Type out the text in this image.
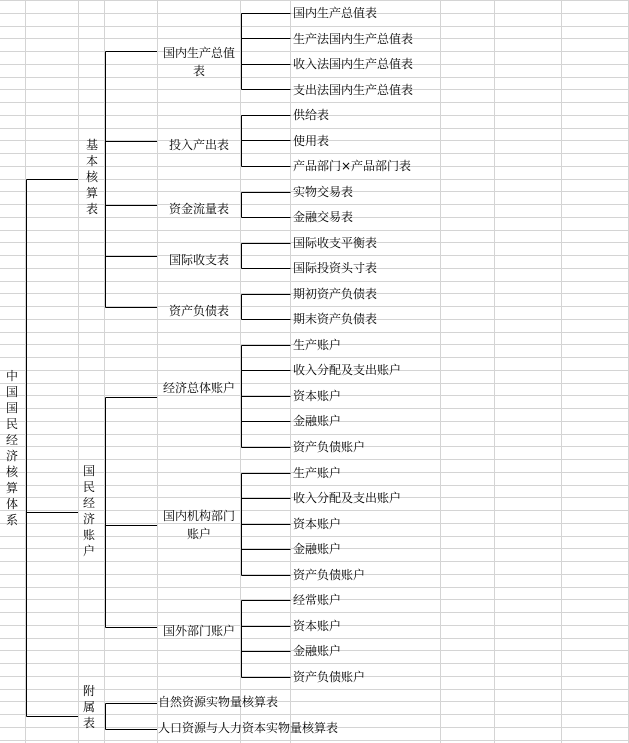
中国国民经济核算体系
基本核算表
国民经济账户
附属表
国内生产总值表
投入产出表
资金流量表
国际收支表
资产负债表
经济总体账户
国内机构部门账户
国外部门账户
国内生产总值表
生产法国内生产总值表
收入法国内生产总值表
支出法国内生产总值表
供给表
使用表
产品部门×产品部门表
实物交易表
金融交易表
国际收支平衡表
国际投资头寸表
期初资产负债表
期末资产负债表
生产账户
收入分配及支出账户
资本账户
金融账户
资产负债账户
生产账户
收入分配及支出账户
资本账户
金融账户
资产负债账户
经常账户
资本账户
金融账户
资产负债账户
自然资源实物量核算表
人口资源与人力资本实物量核算表
